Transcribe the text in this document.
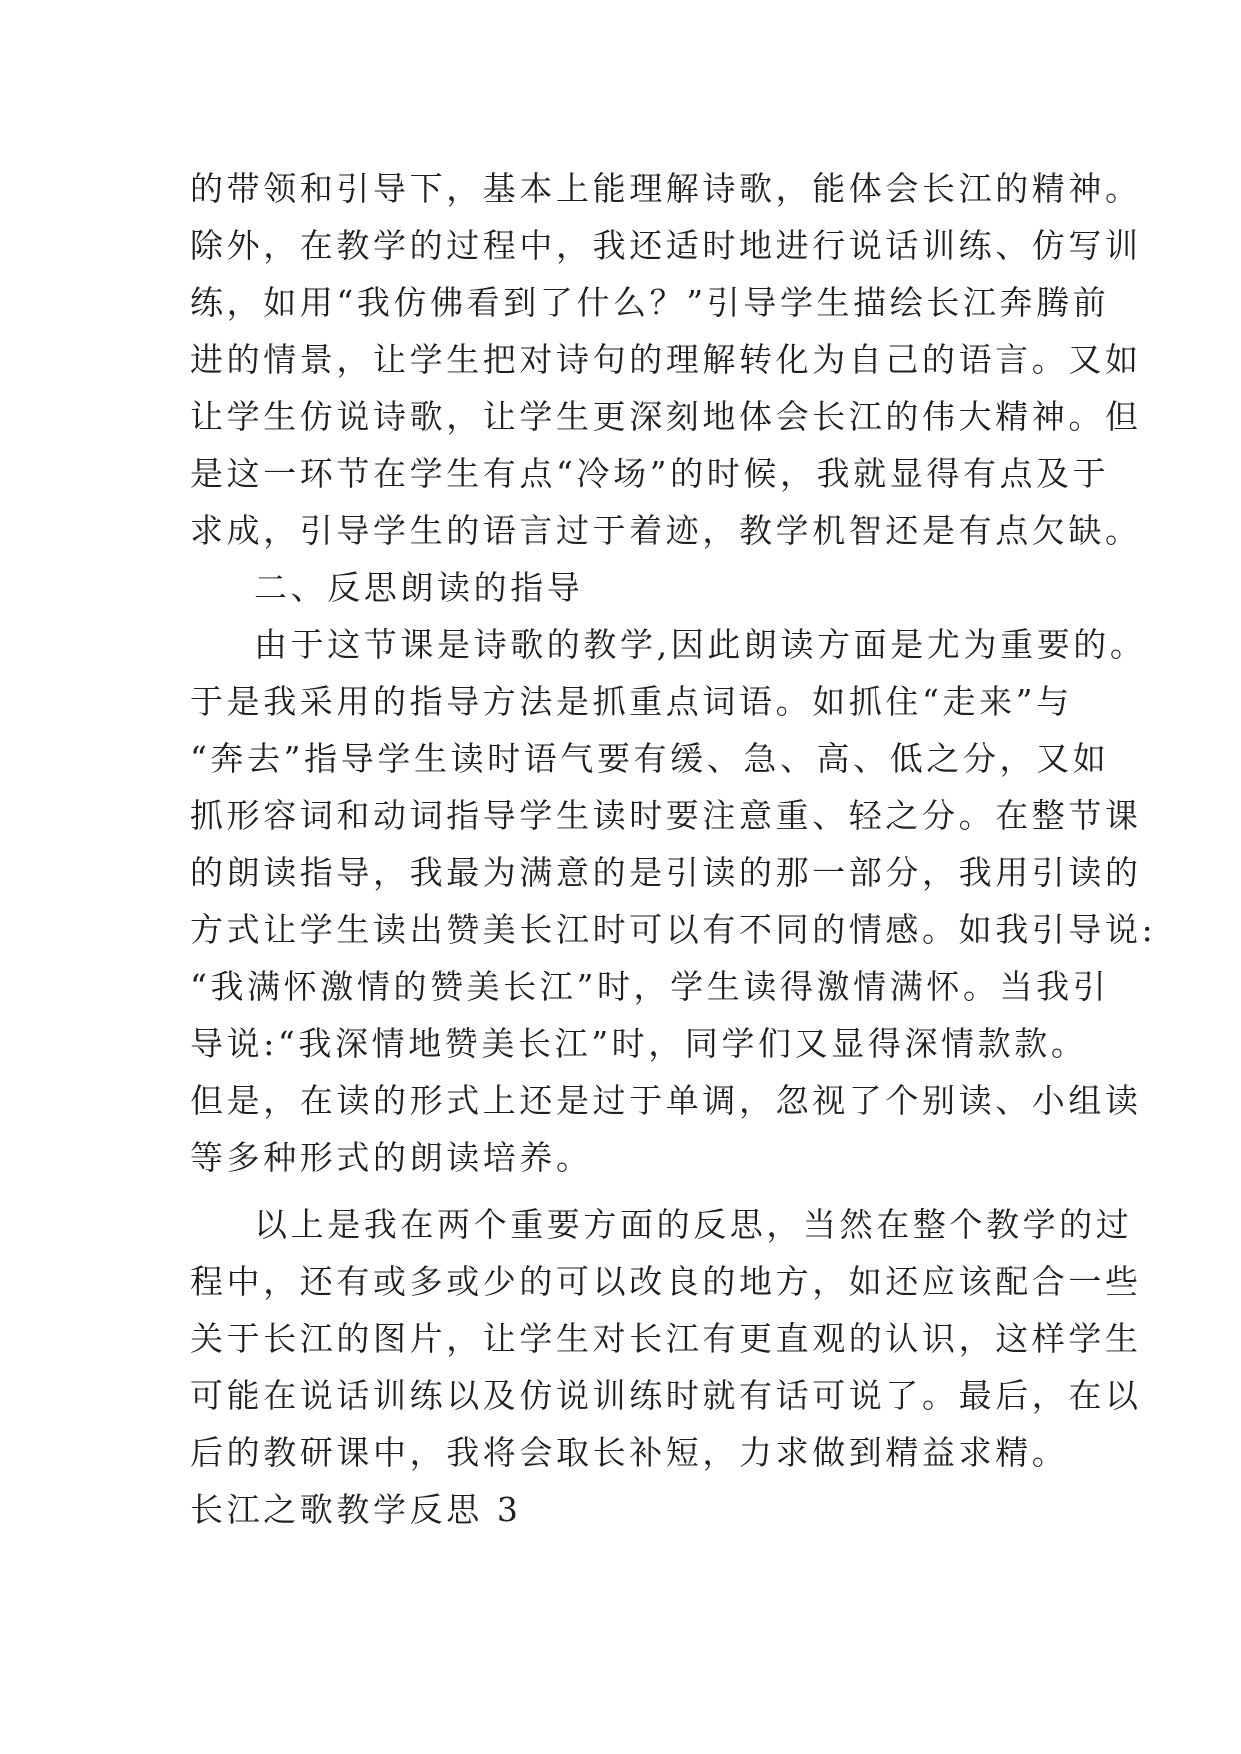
的带领和引导下，基本上能理解诗歌，能体会长江的精神。
除外，在教学的过程中，我还适时地进行说话训练、仿写训
练，如用“我仿佛看到了什么？”引导学生描绘长江奔腾前
进的情景，让学生把对诗句的理解转化为自己的语言。又如
让学生仿说诗歌，让学生更深刻地体会长江的伟大精神。但
是这一环节在学生有点“冷场”的时候，我就显得有点及于
求成，引导学生的语言过于着迹，教学机智还是有点欠缺。
二、反思朗读的指导
由于这节课是诗歌的教学,因此朗读方面是尤为重要的。
于是我采用的指导方法是抓重点词语。如抓住“走来”与
“奔去”指导学生读时语气要有缓、急、高、低之分，又如
抓形容词和动词指导学生读时要注意重、轻之分。在整节课
的朗读指导，我最为满意的是引读的那一部分，我用引读的
方式让学生读出赞美长江时可以有不同的情感。如我引导说:
“我满怀激情的赞美长江”时，学生读得激情满怀。当我引
导说:“我深情地赞美长江”时，同学们又显得深情款款。
但是，在读的形式上还是过于单调，忽视了个别读、小组读
等多种形式的朗读培养。
以上是我在两个重要方面的反思，当然在整个教学的过
程中，还有或多或少的可以改良的地方，如还应该配合一些
关于长江的图片，让学生对长江有更直观的认识，这样学生
可能在说话训练以及仿说训练时就有话可说了。最后，在以
后的教研课中，我将会取长补短，力求做到精益求精。
长江之歌教学反思 3
